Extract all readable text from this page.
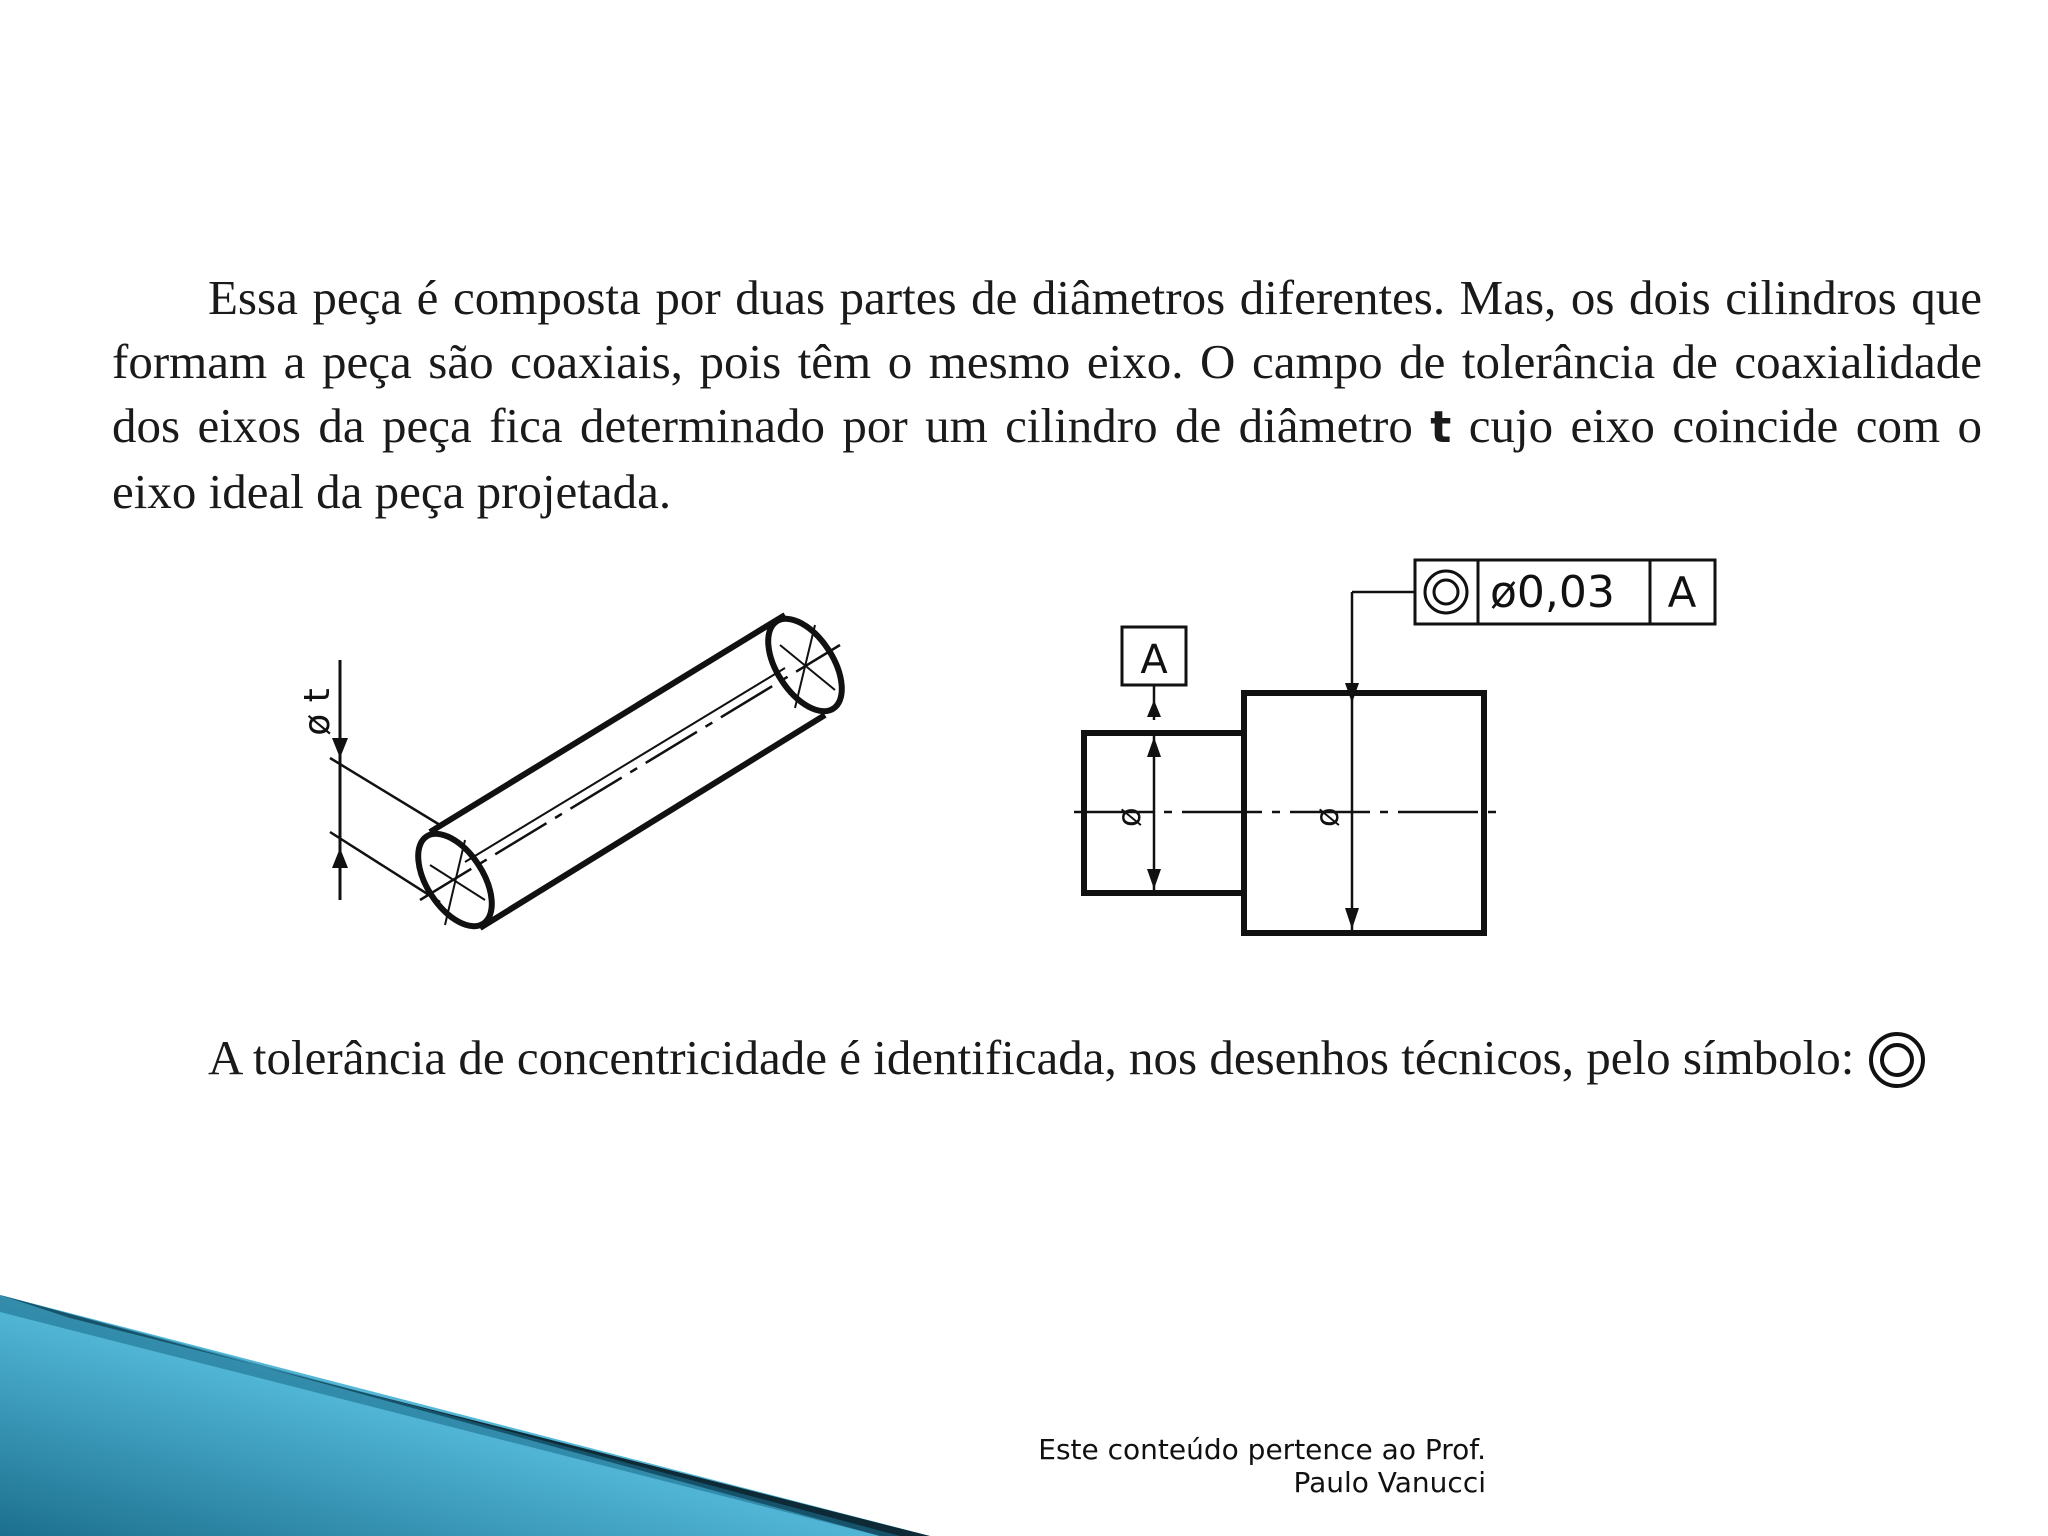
Essa peça é composta por duas partes de diâmetros diferentes. Mas, os dois cilindros que formam a peça são coaxiais, pois têm o mesmo eixo. O campo de tolerância de coaxialidade dos eixos da peça fica determinado por um cilindro de diâmetro t cujo eixo coincide com o eixo ideal da peça projetada.

ø t
ø0,03 A
A
ø	ø

A tolerância de concentricidade é identificada, nos desenhos técnicos, pelo símbolo:

Este conteúdo pertence ao Prof.
Paulo Vanucci
